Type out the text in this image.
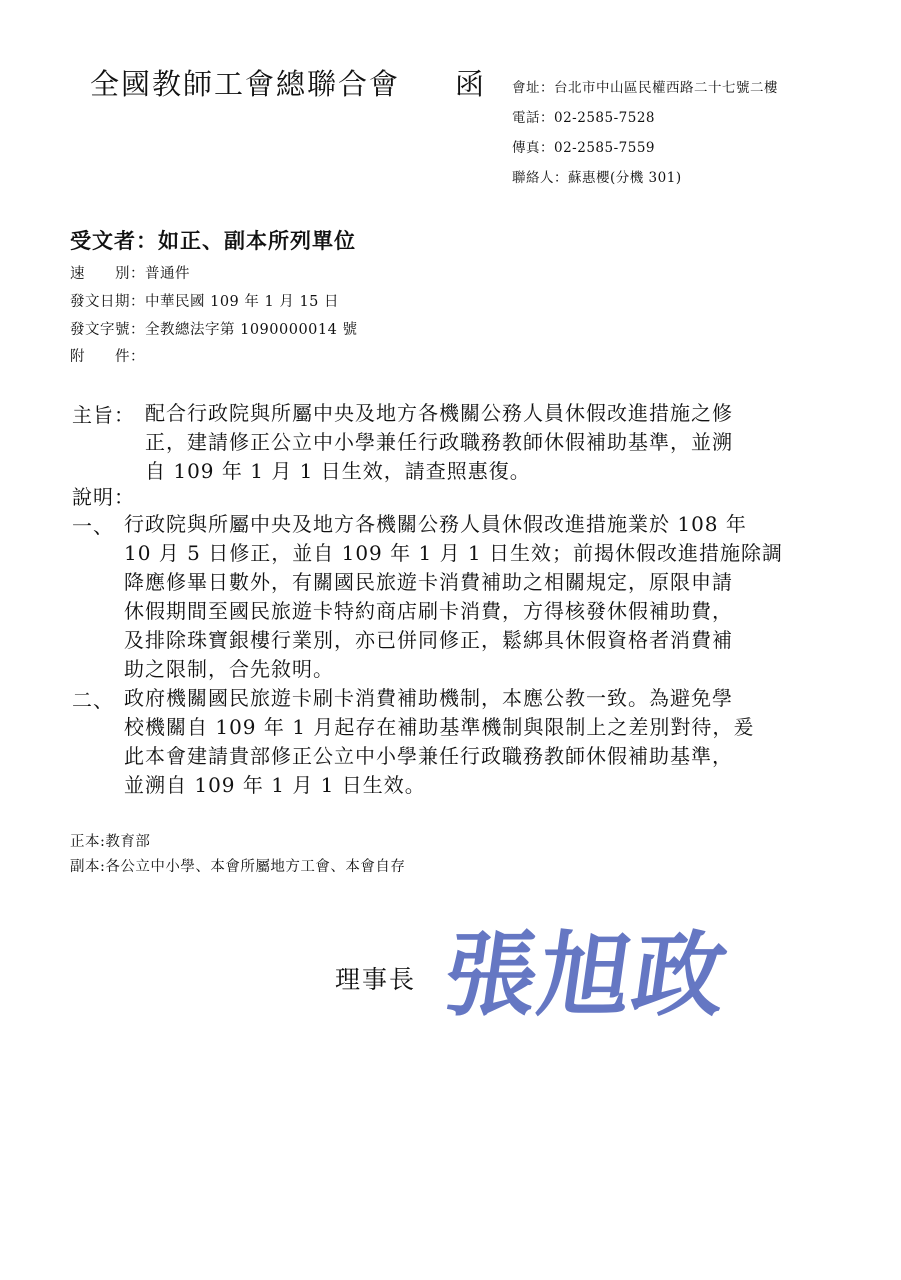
全國教師工會總聯合會 函 會址：台北市中山區民權西路二十七號二樓
電話：02-2585-7528
傳真：02-2585-7559
聯絡人：蘇惠櫻(分機 301)
受文者：如正、副本所列單位
速　　別：普通件
發文日期：中華民國 109 年 1 月 15 日
發文字號：全教總法字第 1090000014 號
附　　件：
主旨： 配合行政院與所屬中央及地方各機關公務人員休假改進措施之修
正，建請修正公立中小學兼任行政職務教師休假補助基準，並溯
自 109 年 1 月 1 日生效，請查照惠復。
說明：
一、 行政院與所屬中央及地方各機關公務人員休假改進措施業於 108 年
10 月 5 日修正，並自 109 年 1 月 1 日生效；前揭休假改進措施除調
降應修畢日數外，有關國民旅遊卡消費補助之相關規定，原限申請
休假期間至國民旅遊卡特約商店刷卡消費，方得核發休假補助費，
及排除珠寶銀樓行業別，亦已併同修正，鬆綁具休假資格者消費補
助之限制，合先敘明。
二、 政府機關國民旅遊卡刷卡消費補助機制，本應公教一致。為避免學
校機關自 109 年 1 月起存在補助基準機制與限制上之差別對待，爰
此本會建請貴部修正公立中小學兼任行政職務教師休假補助基準，
並溯自 109 年 1 月 1 日生效。
正本:教育部
副本:各公立中小學、本會所屬地方工會、本會自存
理事長 張旭政
